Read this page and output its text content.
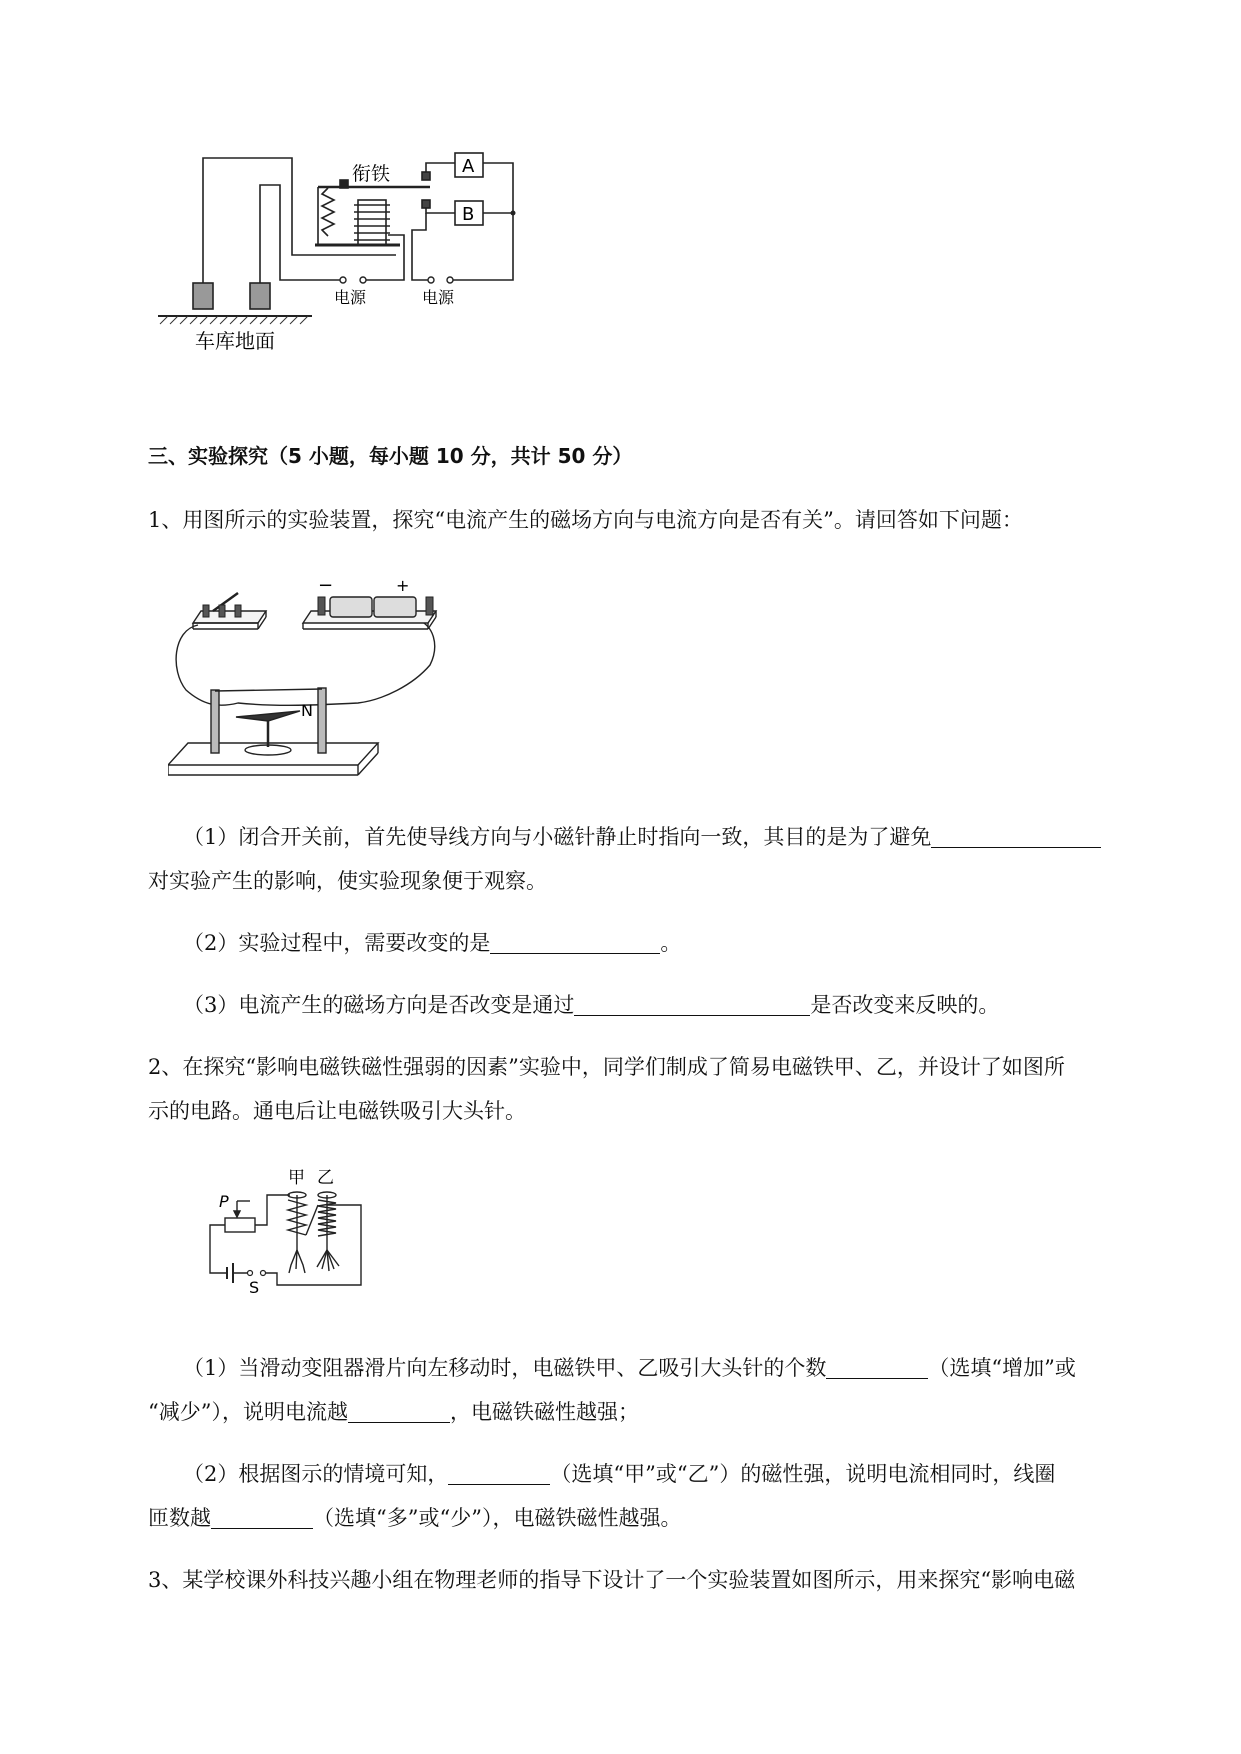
衔铁	A
B
电源	电源
车库地面
三、实验探究（5 小题，每小题 10 分，共计 50 分）
1、用图所示的实验装置，探究“电流产生的磁场方向与电流方向是否有关”。请回答如下问题：
−	+
N
（1）闭合开关前，首先使导线方向与小磁针静止时指向一致，其目的是为了避免
对实验产生的影响，使实验现象便于观察。
（2）实验过程中，需要改变的是	。
（3）电流产生的磁场方向是否改变是通过	是否改变来反映的。
2、在探究“影响电磁铁磁性强弱的因素”实验中，同学们制成了简易电磁铁甲、乙，并设计了如图所
示的电路。通电后让电磁铁吸引大头针。
甲 乙
P
S
（1）当滑动变阻器滑片向左移动时，电磁铁甲、乙吸引大头针的个数	（选填“增加”或
“减少”），说明电流越	，电磁铁磁性越强；
（2）根据图示的情境可知，	（选填“甲”或“乙”）的磁性强，说明电流相同时，线圈
匝数越	（选填“多”或“少”），电磁铁磁性越强。
3、某学校课外科技兴趣小组在物理老师的指导下设计了一个实验装置如图所示，用来探究“影响电磁
